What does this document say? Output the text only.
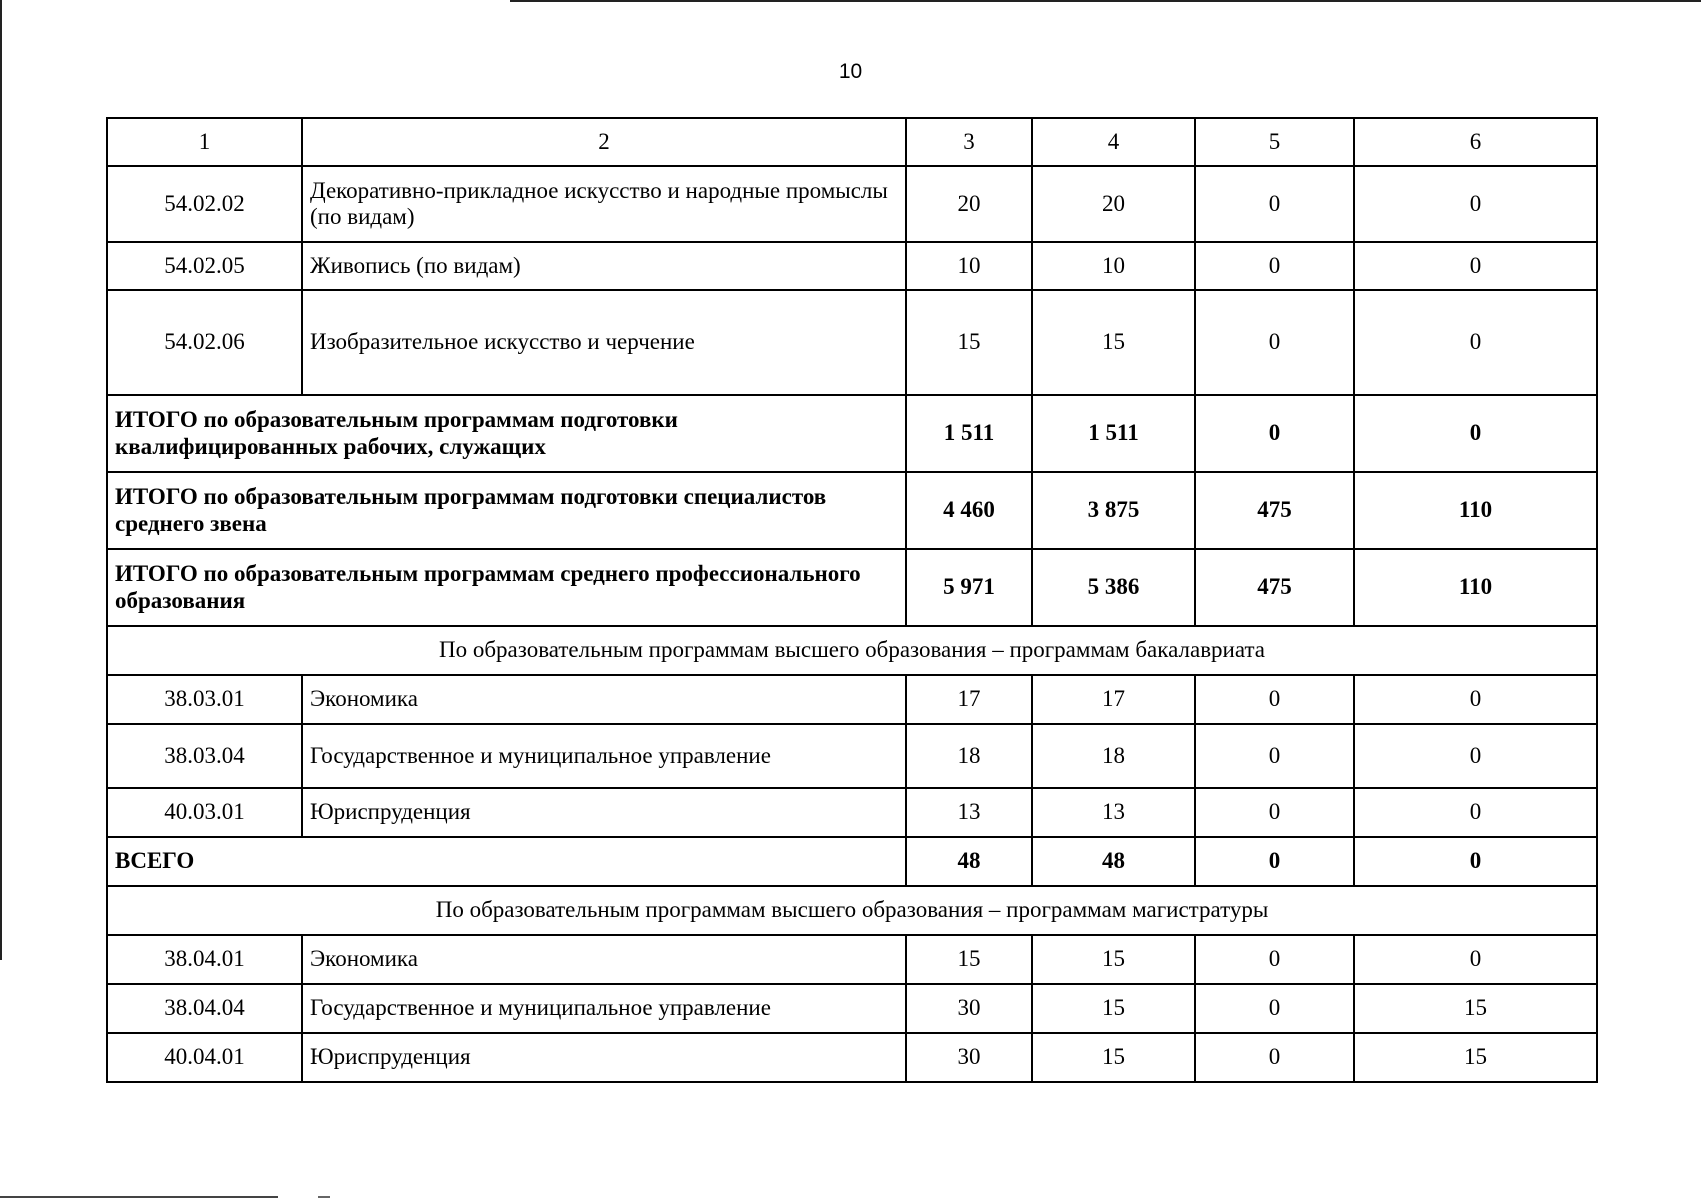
10
1	2	3	4	5	6
54.02.02	Декоративно-прикладное искусство и народные промыслы (по видам)	20	20	0	0
54.02.05	Живопись (по видам)	10	10	0	0
54.02.06	Изобразительное искусство и черчение	15	15	0	0
ИТОГО по образовательным программам подготовки квалифицированных рабочих, служащих		1 511	1 511	0	0
ИТОГО по образовательным программам подготовки специалистов среднего звена		4 460	3 875	475	110
ИТОГО по образовательным программам среднего профессионального образования		5 971	5 386	475	110
По образовательным программам высшего образования – программам бакалавриата					
38.03.01	Экономика	17	17	0	0
38.03.04	Государственное и муниципальное управление	18	18	0	0
40.03.01	Юриспруденция	13	13	0	0
ВСЕГО		48	48	0	0
По образовательным программам высшего образования – программам магистратуры					
38.04.01	Экономика	15	15	0	0
38.04.04	Государственное и муниципальное управление	30	15	0	15
40.04.01	Юриспруденция	30	15	0	15
